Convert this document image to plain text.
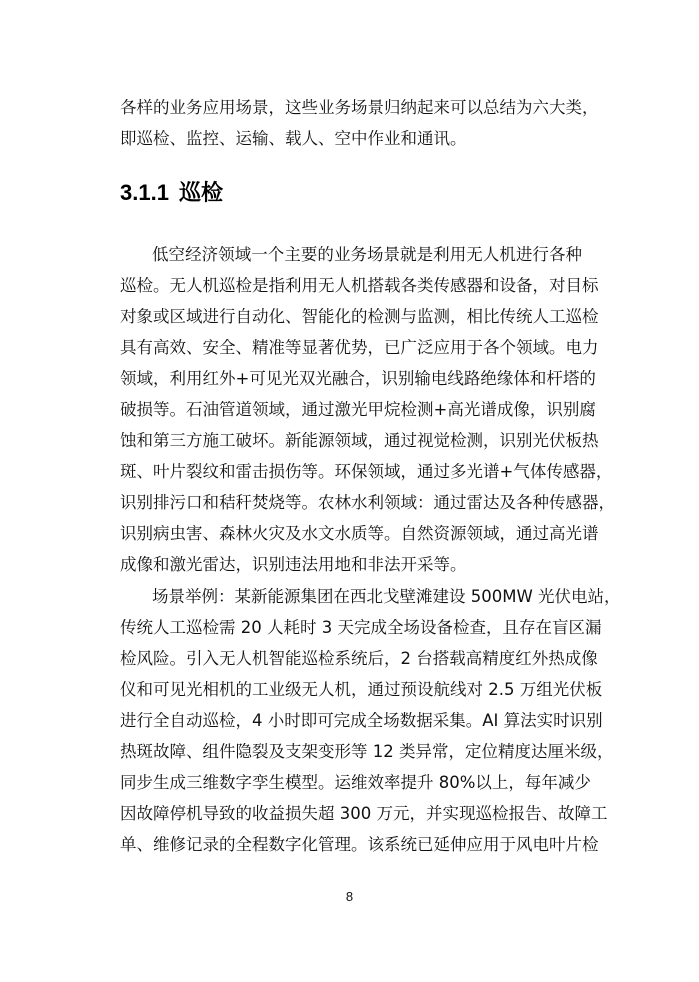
各样的业务应用场景，这些业务场景归纳起来可以总结为六大类，
即巡检、监控、运输、载人、空中作业和通讯。
3.1.1 巡检
低空经济领域一个主要的业务场景就是利用无人机进行各种
巡检。无人机巡检是指利用无人机搭载各类传感器和设备，对目标
对象或区域进行自动化、智能化的检测与监测，相比传统人工巡检
具有高效、安全、精准等显著优势，已广泛应用于各个领域。电力
领域，利用红外+可见光双光融合，识别输电线路绝缘体和杆塔的
破损等。石油管道领域，通过激光甲烷检测+高光谱成像，识别腐
蚀和第三方施工破坏。新能源领域，通过视觉检测，识别光伏板热
斑、叶片裂纹和雷击损伤等。环保领域，通过多光谱+气体传感器，
识别排污口和秸秆焚烧等。农林水利领域：通过雷达及各种传感器，
识别病虫害、森林火灾及水文水质等。自然资源领域，通过高光谱
成像和激光雷达，识别违法用地和非法开采等。
场景举例：某新能源集团在西北戈壁滩建设 500MW 光伏电站，
传统人工巡检需 20 人耗时 3 天完成全场设备检查，且存在盲区漏
检风险。引入无人机智能巡检系统后，2 台搭载高精度红外热成像
仪和可见光相机的工业级无人机，通过预设航线对 2.5 万组光伏板
进行全自动巡检，4 小时即可完成全场数据采集。AI 算法实时识别
热斑故障、组件隐裂及支架变形等 12 类异常，定位精度达厘米级，
同步生成三维数字孪生模型。运维效率提升 80%以上，每年减少
因故障停机导致的收益损失超 300 万元，并实现巡检报告、故障工
单、维修记录的全程数字化管理。该系统已延伸应用于风电叶片检
8
